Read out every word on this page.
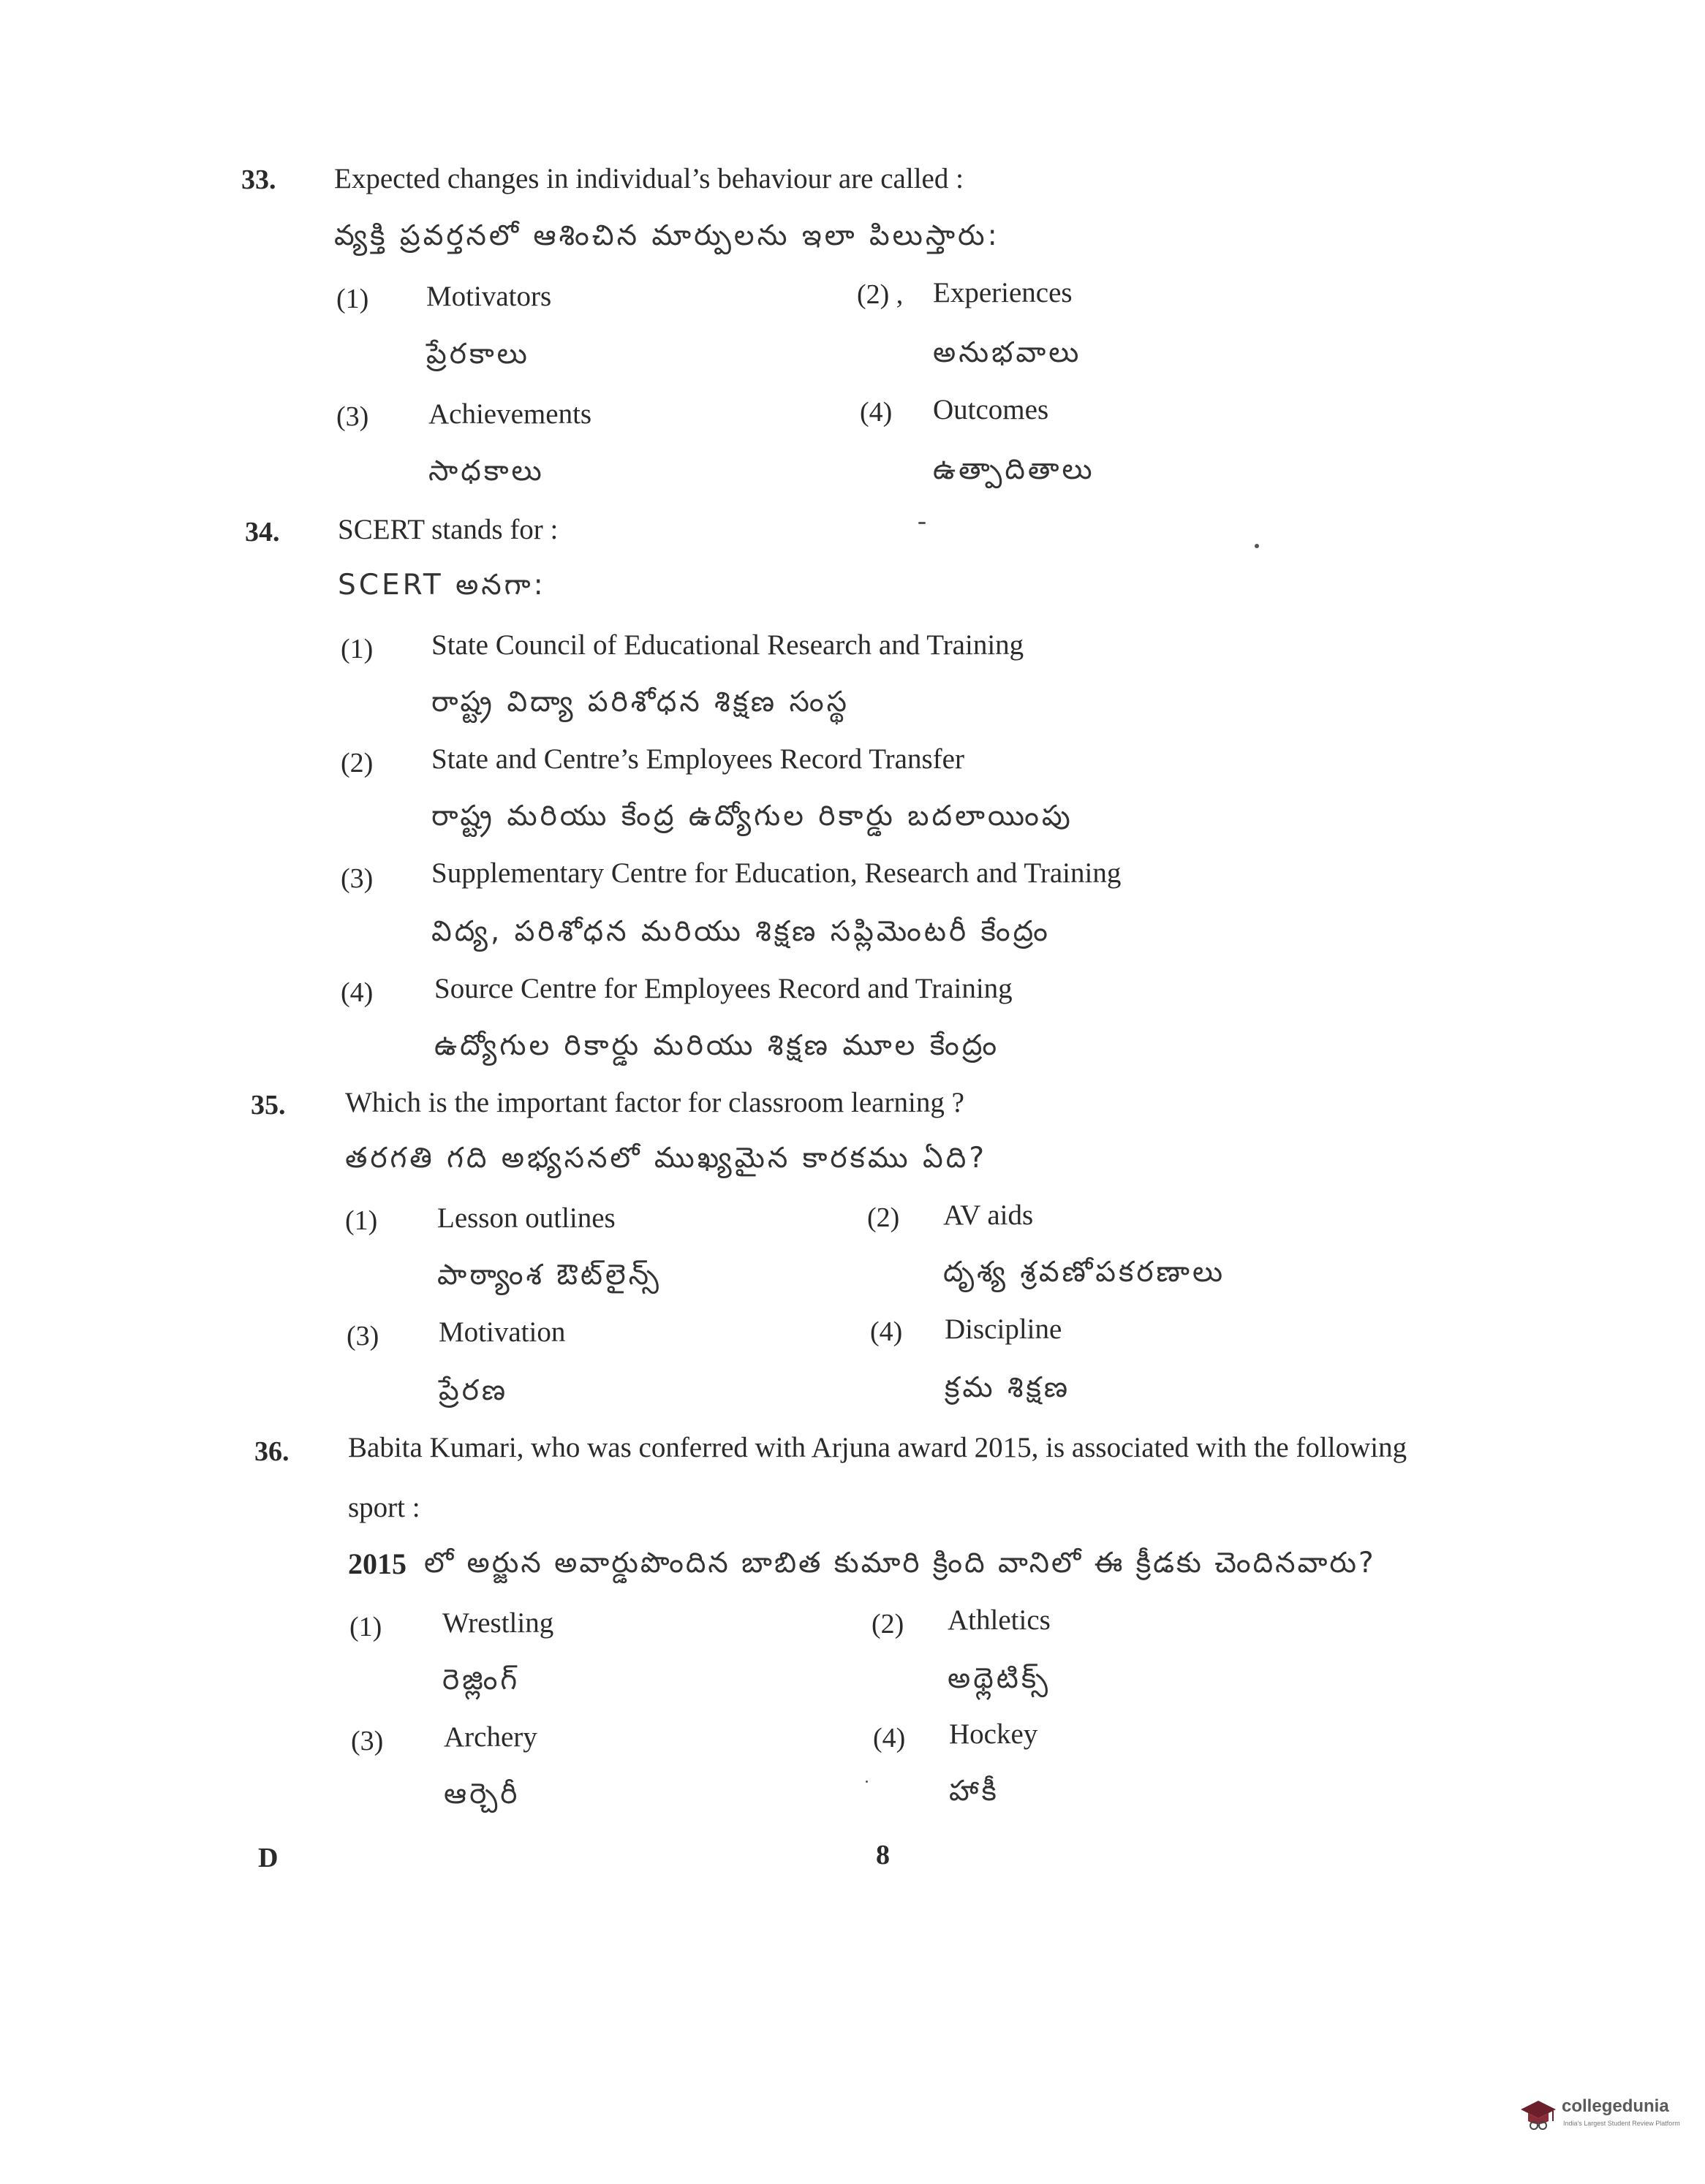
33. Expected changes in individual’s behaviour are called :
వ్యక్తి ప్రవర్తనలో ఆశించిన మార్పులను ఇలా పిలుస్తారు:
(1) Motivators
ప్రేరకాలు
(2) , Experiences
అనుభవాలు
(3) Achievements
సాధకాలు
(4) Outcomes
ఉత్పాదితాలు
34. SCERT stands for :
SCERT అనగా:
(1) State Council of Educational Research and Training
రాష్ట్ర విద్యా పరిశోధన శిక్షణ సంస్థ
(2) State and Centre’s Employees Record Transfer
రాష్ట్ర మరియు కేంద్ర ఉద్యోగుల రికార్డు బదలాయింపు
(3) Supplementary Centre for Education, Research and Training
విద్య, పరిశోధన మరియు శిక్షణ సప్లిమెంటరీ కేంద్రం
(4) Source Centre for Employees Record and Training
ఉద్యోగుల రికార్డు మరియు శిక్షణ మూల కేంద్రం
35. Which is the important factor for classroom learning ?
తరగతి గది అభ్యసనలో ముఖ్యమైన కారకము ఏది?
(1) Lesson outlines
పాఠ్యాంశ ఔట్‌లైన్స్
(2) AV aids
దృశ్య శ్రవణోపకరణాలు
(3) Motivation
ప్రేరణ
(4) Discipline
క్రమ శిక్షణ
36. Babita Kumari, who was conferred with Arjuna award 2015, is associated with the following
sport :
2015 లో అర్జున అవార్డుపొందిన బాబిత కుమారి క్రింది వానిలో ఈ క్రీడకు చెందినవారు?
(1) Wrestling
రెజ్లింగ్
(2) Athletics
అథ్లెటిక్స్
(3) Archery
ఆర్చెరీ
(4) Hockey
హాకీ
D	8
collegedunia
India's Largest Student Review Platform
